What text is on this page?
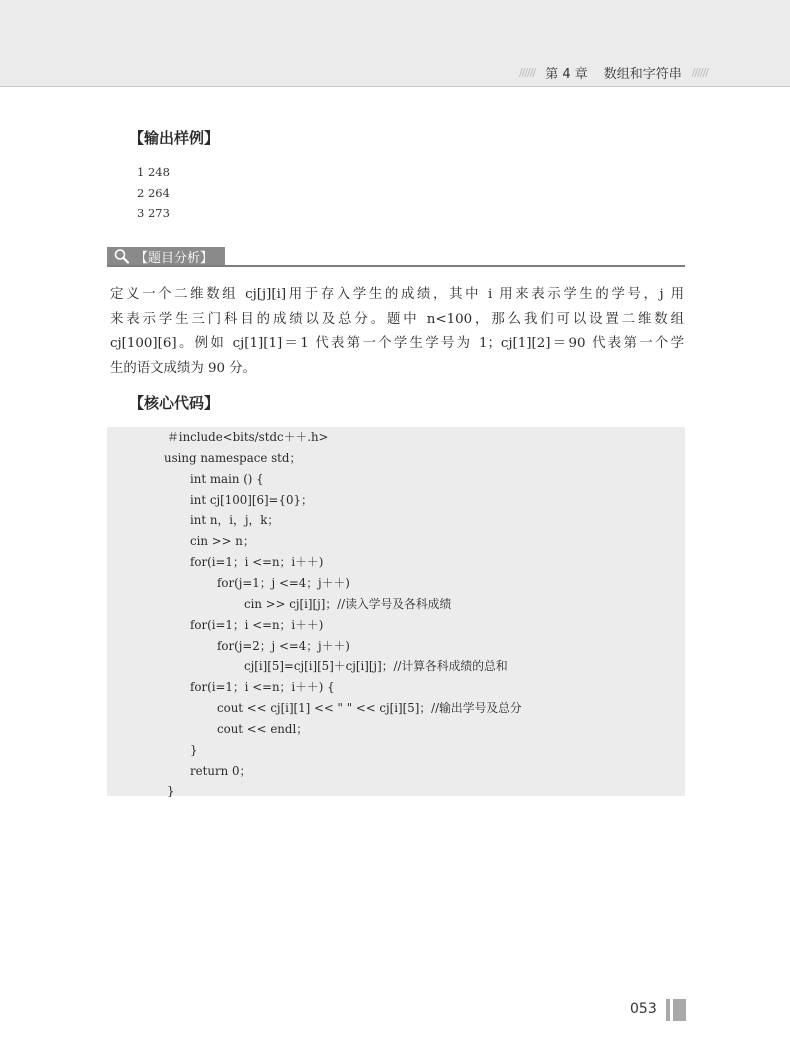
////// 第 4 章 数组和字符串 //////
【输出样例】
1 248
2 264
3 273
【题目分析】
定义一个二维数组 cj[j][i]用于存入学生的成绩，其中 i 用来表示学生的学号，j 用
来表示学生三门科目的成绩以及总分。题中 n<100，那么我们可以设置二维数组
cj[100][6]。例如 cj[1][1]＝1 代表第一个学生学号为 1；cj[1][2]＝90 代表第一个学
生的语文成绩为 90 分。
【核心代码】
＃include<bits/stdc＋＋.h>
using namespace std；
int main () {
int cj[100][6]={0}；
int n，i，j，k；
cin >> n；
for(i=1；i <=n；i＋＋)
for(j=1；j <=4；j＋＋)
cin >> cj[i][j]；//读入学号及各科成绩
for(i=1；i <=n；i＋＋)
for(j=2；j <=4；j＋＋)
cj[i][5]=cj[i][5]＋cj[i][j]；//计算各科成绩的总和
for(i=1；i <=n；i＋＋) {
cout << cj[i][1] << " " << cj[i][5]；//输出学号及总分
cout << endl；
}
return 0；
}
053
